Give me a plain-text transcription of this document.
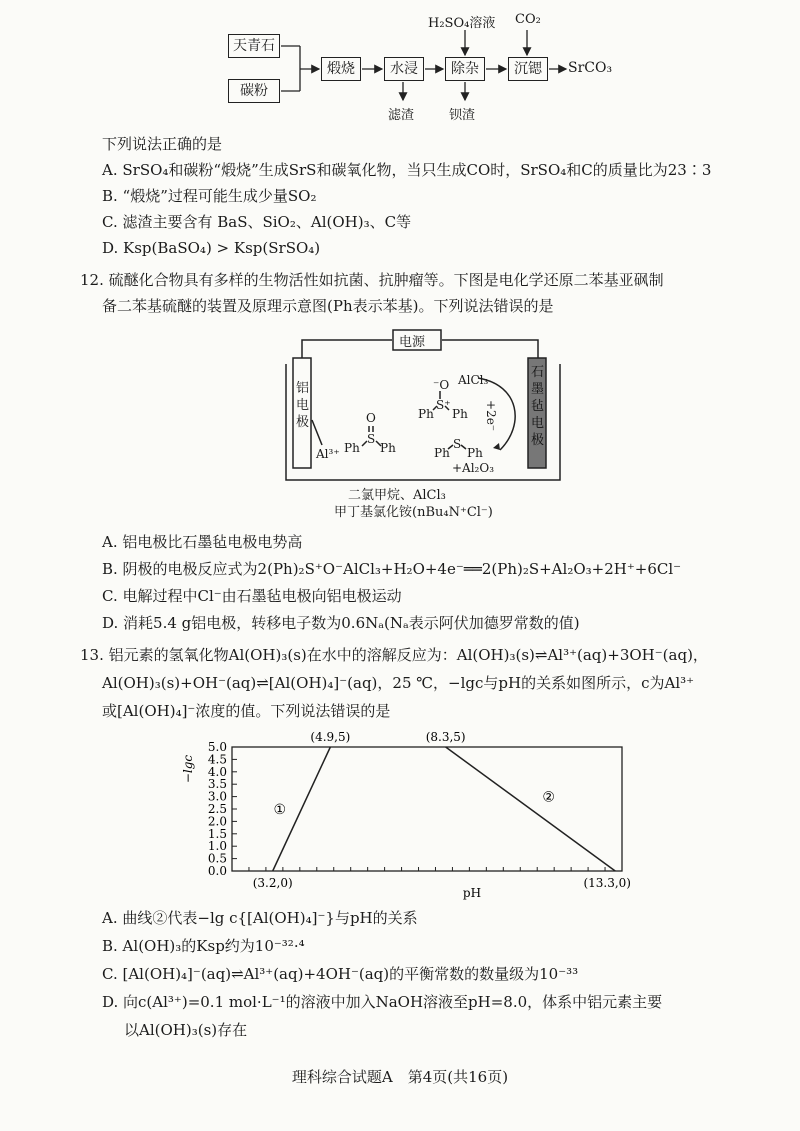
天青石
碳粉
煅烧	水浸	除杂	沉锶
H₂SO₄溶液 CO₂
滤渣	钡渣
SrCO₃
下列说法正确的是
A. SrSO₄和碳粉“煅烧”生成SrS和碳氧化物，当只生成CO时，SrSO₄和C的质量比为23∶3
B. “煅烧”过程可能生成少量SO₂
C. 滤渣主要含有 BaS、SiO₂、Al(OH)₃、C等
D. Ksp(BaSO₄) > Ksp(SrSO₄)
12. 硫醚化合物具有多样的生物活性如抗菌、抗肿瘤等。下图是电化学还原二苯基亚砜制
备二苯基硫醚的装置及原理示意图(Ph表示苯基)。下列说法错误的是
电源
铝电极
石墨毡电极
Al³⁺
O
Ph
S
Ph
⁻O AlCl₃
S⁺
Ph Ph +2e⁻
Ph
S
Ph
+Al₂O₃
二氯甲烷、AlCl₃
甲丁基氯化铵(nBu₄N⁺Cl⁻)
A. 铝电极比石墨毡电极电势高
B. 阴极的电极反应式为2(Ph)₂S⁺O⁻AlCl₃+H₂O+4e⁻══2(Ph)₂S+Al₂O₃+2H⁺+6Cl⁻
C. 电解过程中Cl⁻由石墨毡电极向铝电极运动
D. 消耗5.4 g铝电极，转移电子数为0.6Nₐ(Nₐ表示阿伏加德罗常数的值)
13. 铝元素的氢氧化物Al(OH)₃(s)在水中的溶解反应为：Al(OH)₃(s)⇌Al³⁺(aq)+3OH⁻(aq)，
Al(OH)₃(s)+OH⁻(aq)⇌[Al(OH)₄]⁻(aq)，25 ℃，−lgc与pH的关系如图所示，c为Al³⁺
或[Al(OH)₄]⁻浓度的值。下列说法错误的是
0.0
0.5
1.0
1.5
2.0
2.5
3.0
3.5
4.0
4.5
5.0
①
②
(4.9,5)	(8.3,5)
(3.2,0)	(13.3,0)
pH
−lgc
A. 曲线②代表−lg c{[Al(OH)₄]⁻}与pH的关系
B. Al(OH)₃的Ksp约为10⁻³²·⁴
C. [Al(OH)₄]⁻(aq)⇌Al³⁺(aq)+4OH⁻(aq)的平衡常数的数量级为10⁻³³
D. 向c(Al³⁺)=0.1 mol·L⁻¹的溶液中加入NaOH溶液至pH=8.0，体系中铝元素主要
以Al(OH)₃(s)存在
理科综合试题A　第4页(共16页)
